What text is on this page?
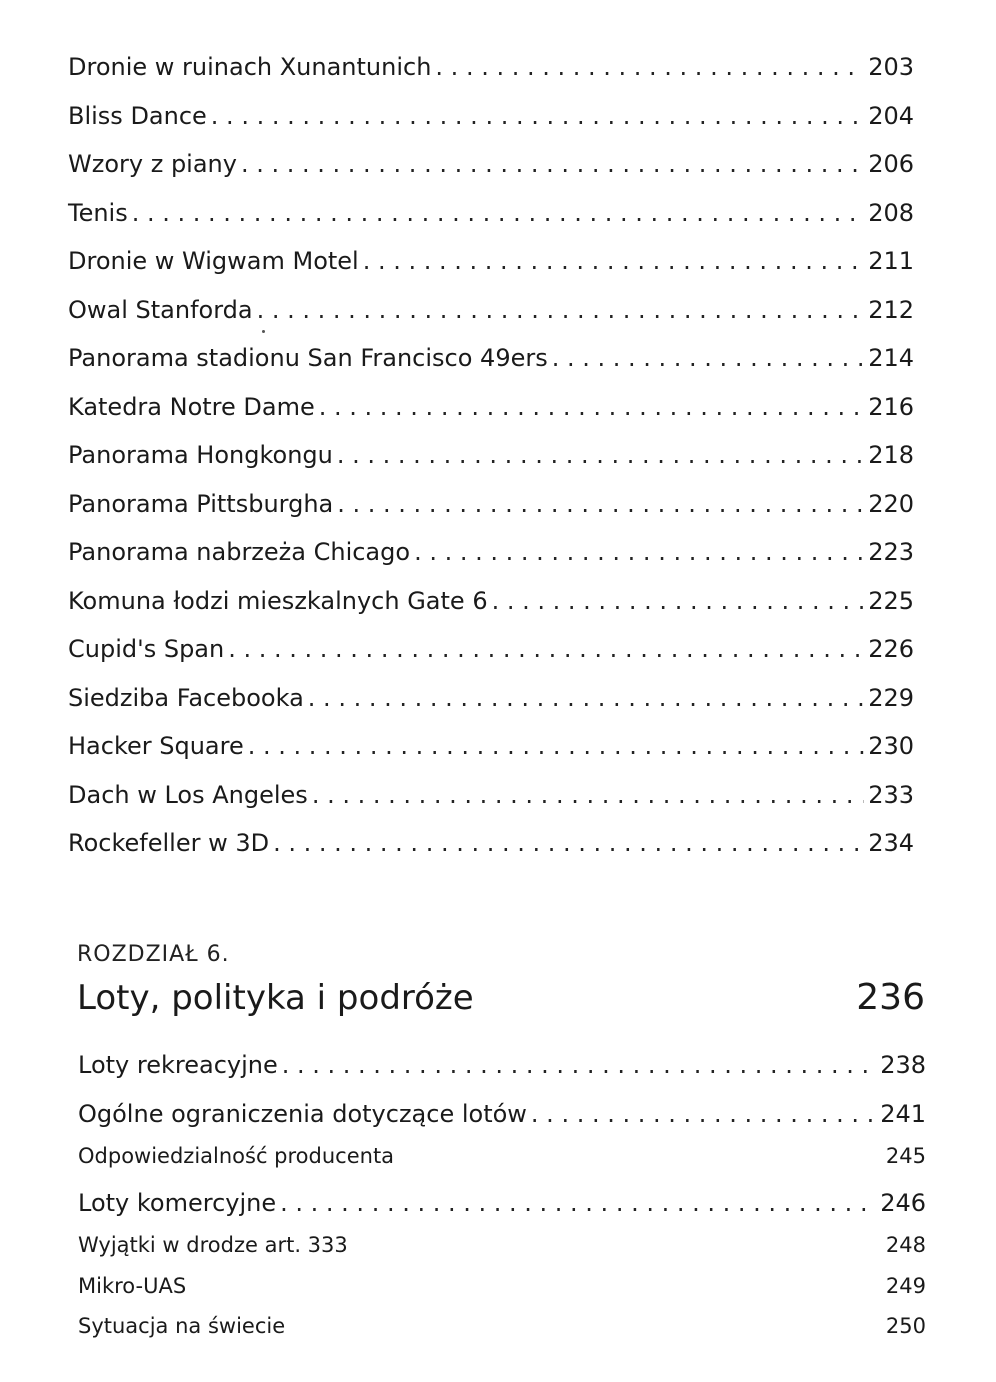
Dronie w ruinach Xunantunich . . .	203
Bliss Dance . . .	204
Wzory z piany . . .	206
Tenis . . .	208
Dronie w Wigwam Motel . . .	211
Owal Stanforda . . .	212
Panorama stadionu San Francisco 49ers . . .	214
Katedra Notre Dame . . .	216
Panorama Hongkongu . . .	218
Panorama Pittsburgha . . .	220
Panorama nabrzeża Chicago . . .	223
Komuna łodzi mieszkalnych Gate 6 . . .	225
Cupid's Span . . .	226
Siedziba Facebooka . . .	229
Hacker Square . . .	230
Dach w Los Angeles . . .	233
Rockefeller w 3D . . .	234
ROZDZIAŁ 6.
Loty, polityka i podróże	236
Loty rekreacyjne . . .	238
Ogólne ograniczenia dotyczące lotów . . .	241
Odpowiedzialność producenta	245
Loty komercyjne . . .	246
Wyjątki w drodze art. 333	248
Mikro-UAS	249
Sytuacja na świecie	250
